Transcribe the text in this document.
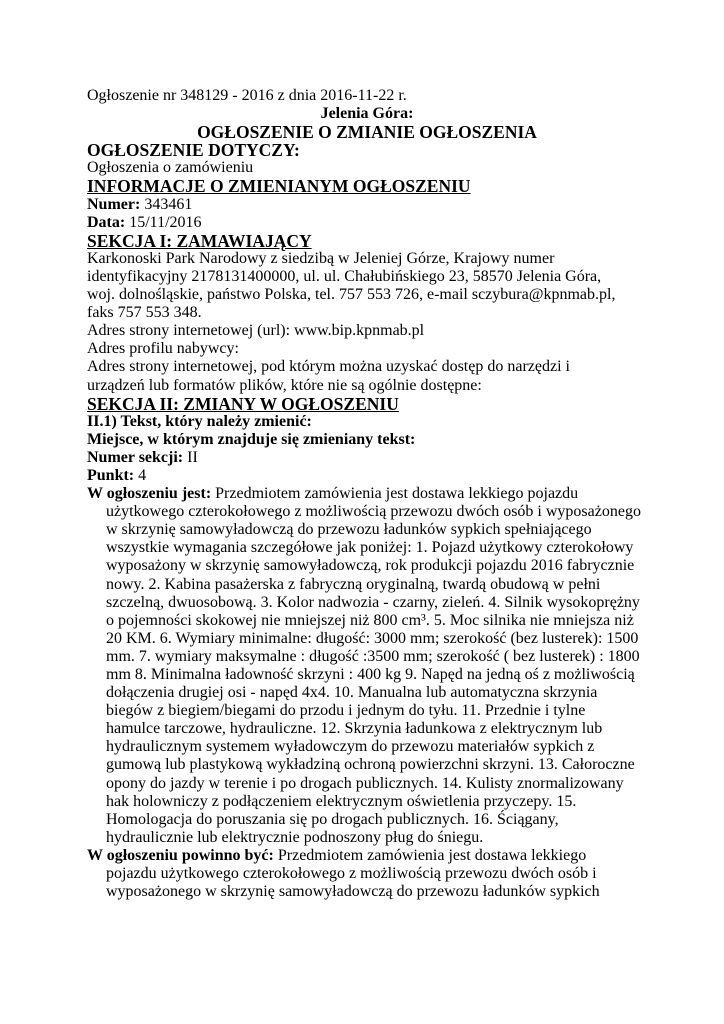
Ogłoszenie nr 348129 - 2016 z dnia 2016-11-22 r.
Jelenia Góra:
OGŁOSZENIE O ZMIANIE OGŁOSZENIA
OGŁOSZENIE DOTYCZY:
Ogłoszenia o zamówieniu
INFORMACJE O ZMIENIANYM OGŁOSZENIU
Numer: 343461
Data: 15/11/2016
SEKCJA I: ZAMAWIAJĄCY
Karkonoski Park Narodowy z siedzibą w Jeleniej Górze, Krajowy numer
identyfikacyjny 2178131400000, ul. ul. Chałubińskiego 23, 58570 Jelenia Góra,
woj. dolnośląskie, państwo Polska, tel. 757 553 726, e-mail sczybura@kpnmab.pl,
faks 757 553 348.
Adres strony internetowej (url): www.bip.kpnmab.pl
Adres profilu nabywcy:
Adres strony internetowej, pod którym można uzyskać dostęp do narzędzi i
urządzeń lub formatów plików, które nie są ogólnie dostępne:
SEKCJA II: ZMIANY W OGŁOSZENIU
II.1) Tekst, który należy zmienić:
Miejsce, w którym znajduje się zmieniany tekst:
Numer sekcji: II
Punkt: 4
W ogłoszeniu jest: Przedmiotem zamówienia jest dostawa lekkiego pojazdu
użytkowego czterokołowego z możliwością przewozu dwóch osób i wyposażonego
w skrzynię samowyładowczą do przewozu ładunków sypkich spełniającego
wszystkie wymagania szczegółowe jak poniżej: 1. Pojazd użytkowy czterokołowy
wyposażony w skrzynię samowyładowczą, rok produkcji pojazdu 2016 fabrycznie
nowy. 2. Kabina pasażerska z fabryczną oryginalną, twardą obudową w pełni
szczelną, dwuosobową. 3. Kolor nadwozia - czarny, zieleń. 4. Silnik wysokoprężny
o pojemności skokowej nie mniejszej niż 800 cm³. 5. Moc silnika nie mniejsza niż
20 KM. 6. Wymiary minimalne: długość: 3000 mm; szerokość (bez lusterek): 1500
mm. 7. wymiary maksymalne : długość :3500 mm; szerokość ( bez lusterek) : 1800
mm 8. Minimalna ładowność skrzyni : 400 kg 9. Napęd na jedną oś z możliwością
dołączenia drugiej osi - napęd 4x4. 10. Manualna lub automatyczna skrzynia
biegów z biegiem/biegami do przodu i jednym do tyłu. 11. Przednie i tylne
hamulce tarczowe, hydrauliczne. 12. Skrzynia ładunkowa z elektrycznym lub
hydraulicznym systemem wyładowczym do przewozu materiałów sypkich z
gumową lub plastykową wykładziną ochroną powierzchni skrzyni. 13. Całoroczne
opony do jazdy w terenie i po drogach publicznych. 14. Kulisty znormalizowany
hak holowniczy z podłączeniem elektrycznym oświetlenia przyczepy. 15.
Homologacja do poruszania się po drogach publicznych. 16. Ściągany,
hydraulicznie lub elektrycznie podnoszony pług do śniegu.
W ogłoszeniu powinno być: Przedmiotem zamówienia jest dostawa lekkiego
pojazdu użytkowego czterokołowego z możliwością przewozu dwóch osób i
wyposażonego w skrzynię samowyładowczą do przewozu ładunków sypkich
